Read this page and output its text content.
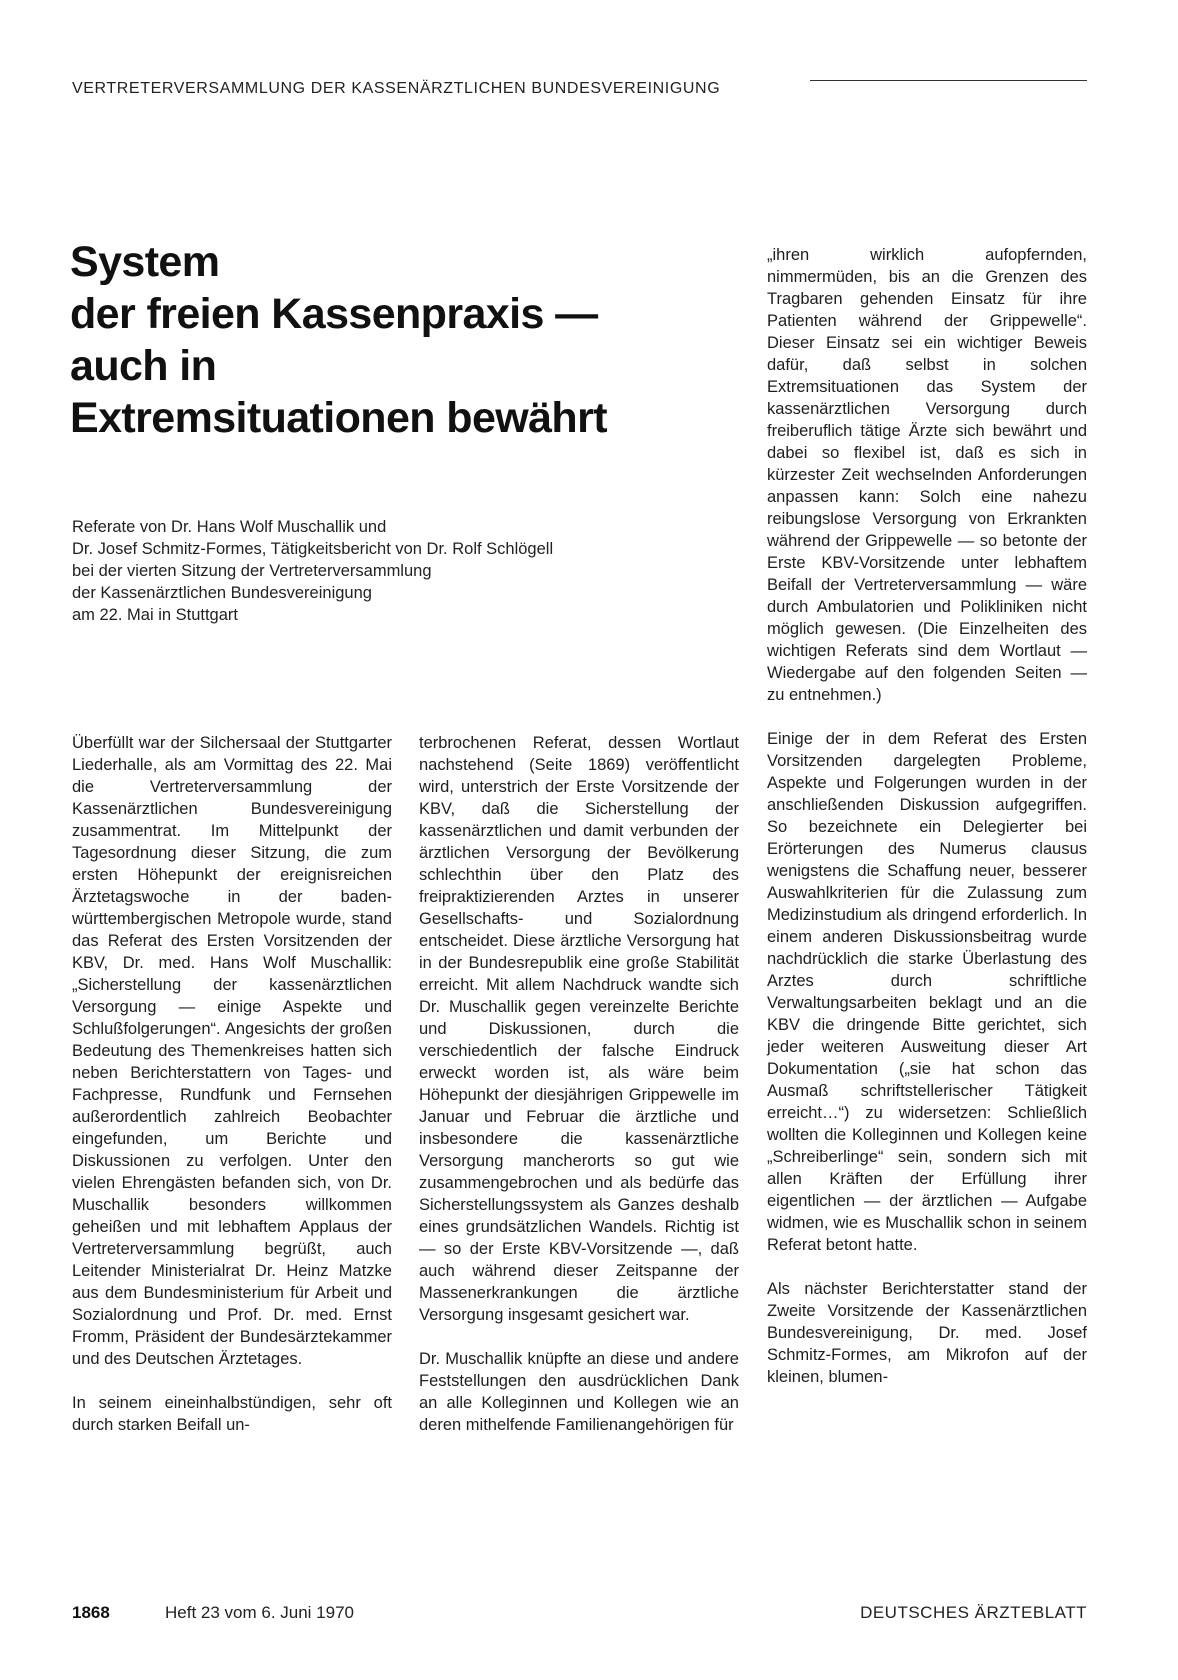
VERTRETERVERSAMMLUNG DER KASSENÄRZTLICHEN BUNDESVEREINIGUNG
System
der freien Kassenpraxis —
auch in
Extremsituationen bewährt
Referate von Dr. Hans Wolf Muschallik und
Dr. Josef Schmitz-Formes, Tätigkeitsbericht von Dr. Rolf Schlögell
bei der vierten Sitzung der Vertreterversammlung
der Kassenärztlichen Bundesvereinigung
am 22. Mai in Stuttgart

Überfüllt war der Silchersaal der Stuttgarter Liederhalle, als am Vormittag des 22. Mai die Vertreterversammlung der Kassenärztlichen Bundesvereinigung zusammentrat. Im Mittelpunkt der Tagesordnung dieser Sitzung, die zum ersten Höhepunkt der ereignisreichen Ärztetagswoche in der baden-württembergischen Metropole wurde, stand das Referat des Ersten Vorsitzenden der KBV, Dr. med. Hans Wolf Muschallik: „Sicherstellung der kassenärztlichen Versorgung — einige Aspekte und Schlußfolgerungen“. Angesichts der großen Bedeutung des Themenkreises hatten sich neben Berichterstattern von Tages- und Fachpresse, Rundfunk und Fernsehen außerordentlich zahlreich Beobachter eingefunden, um Berichte und Diskussionen zu verfolgen. Unter den vielen Ehrengästen befanden sich, von Dr. Muschallik besonders willkommen geheißen und mit lebhaftem Applaus der Vertreterversammlung begrüßt, auch Leitender Ministerialrat Dr. Heinz Matzke aus dem Bundesministerium für Arbeit und Sozialordnung und Prof. Dr. med. Ernst Fromm, Präsident der Bundesärztekammer und des Deutschen Ärztetages.

In seinem eineinhalbstündigen, sehr oft durch starken Beifall un-

terbrochenen Referat, dessen Wortlaut nachstehend (Seite 1869) veröffentlicht wird, unterstrich der Erste Vorsitzende der KBV, daß die Sicherstellung der kassenärztlichen und damit verbunden der ärztlichen Versorgung der Bevölkerung schlechthin über den Platz des freipraktizierenden Arztes in unserer Gesellschafts- und Sozialordnung entscheidet. Diese ärztliche Versorgung hat in der Bundesrepublik eine große Stabilität erreicht. Mit allem Nachdruck wandte sich Dr. Muschallik gegen vereinzelte Berichte und Diskussionen, durch die verschiedentlich der falsche Eindruck erweckt worden ist, als wäre beim Höhepunkt der diesjährigen Grippewelle im Januar und Februar die ärztliche und insbesondere die kassenärztliche Versorgung mancherorts so gut wie zusammengebrochen und als bedürfe das Sicherstellungssystem als Ganzes deshalb eines grundsätzlichen Wandels. Richtig ist — so der Erste KBV-Vorsitzende —, daß auch während dieser Zeitspanne der Massenerkrankungen die ärztliche Versorgung insgesamt gesichert war.

Dr. Muschallik knüpfte an diese und andere Feststellungen den ausdrücklichen Dank an alle Kolleginnen und Kollegen wie an deren mithelfende Familienangehörigen für

„ihren wirklich aufopfernden, nimmermüden, bis an die Grenzen des Tragbaren gehenden Einsatz für ihre Patienten während der Grippewelle“. Dieser Einsatz sei ein wichtiger Beweis dafür, daß selbst in solchen Extremsituationen das System der kassenärztlichen Versorgung durch freiberuflich tätige Ärzte sich bewährt und dabei so flexibel ist, daß es sich in kürzester Zeit wechselnden Anforderungen anpassen kann: Solch eine nahezu reibungslose Versorgung von Erkrankten während der Grippewelle — so betonte der Erste KBV-Vorsitzende unter lebhaftem Beifall der Vertreterversammlung — wäre durch Ambulatorien und Polikliniken nicht möglich gewesen. (Die Einzelheiten des wichtigen Referats sind dem Wortlaut — Wiedergabe auf den folgenden Seiten — zu entnehmen.)

Einige der in dem Referat des Ersten Vorsitzenden dargelegten Probleme, Aspekte und Folgerungen wurden in der anschließenden Diskussion aufgegriffen. So bezeichnete ein Delegierter bei Erörterungen des Numerus clausus wenigstens die Schaffung neuer, besserer Auswahlkriterien für die Zulassung zum Medizinstudium als dringend erforderlich. In einem anderen Diskussionsbeitrag wurde nachdrücklich die starke Überlastung des Arztes durch schriftliche Verwaltungsarbeiten beklagt und an die KBV die dringende Bitte gerichtet, sich jeder weiteren Ausweitung dieser Art Dokumentation („sie hat schon das Ausmaß schriftstellerischer Tätigkeit erreicht…“) zu widersetzen: Schließlich wollten die Kolleginnen und Kollegen keine „Schreiberlinge“ sein, sondern sich mit allen Kräften der Erfüllung ihrer eigentlichen — der ärztlichen — Aufgabe widmen, wie es Muschallik schon in seinem Referat betont hatte.

Als nächster Berichterstatter stand der Zweite Vorsitzende der Kassenärztlichen Bundesvereinigung, Dr. med. Josef Schmitz-Formes, am Mikrofon auf der kleinen, blumen-

1868	Heft 23 vom 6. Juni 1970	DEUTSCHES ÄRZTEBLATT
